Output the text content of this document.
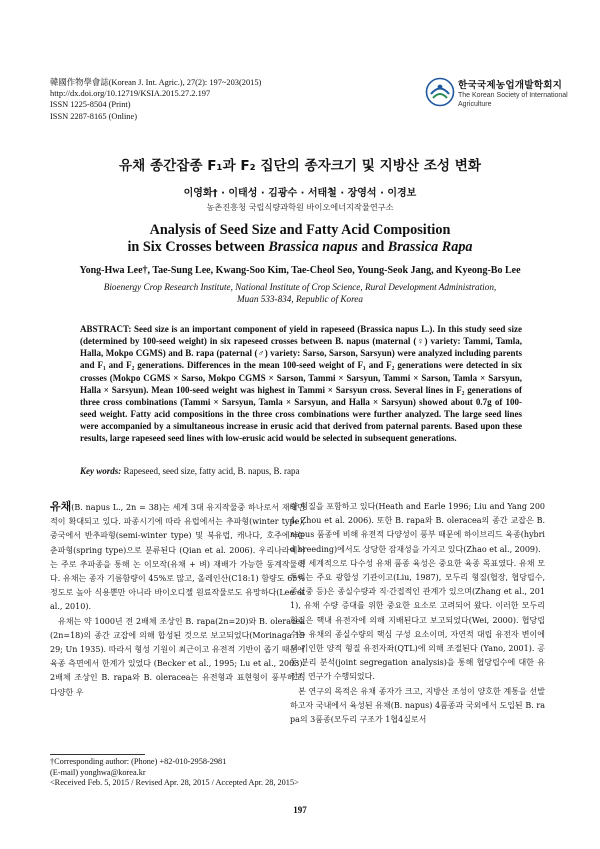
韓國作物學會誌(Korean J. Int. Agric.), 27(2): 197~203(2015)
http://dx.doi.org/10.12719/KSIA.2015.27.2.197
ISSN 1225-8504 (Print)
ISSN 2287-8165 (Online)
한국국제농업개발학회지
The Korean Society of International Agriculture
유채 종간잡종 F₁과 F₂ 집단의 종자크기 및 지방산 조성 변화
이영화† · 이태성 · 김광수 · 서태철 · 장영석 · 이경보
농촌진흥청 국립식량과학원 바이오에너지작물연구소
Analysis of Seed Size and Fatty Acid Composition
in Six Crosses between Brassica napus and Brassica Rapa
Yong-Hwa Lee†, Tae-Sung Lee, Kwang-Soo Kim, Tae-Cheol Seo, Young-Seok Jang, and Kyeong-Bo Lee
Bioenergy Crop Research Institute, National Institute of Crop Science, Rural Development Administration,
Muan 533-834, Republic of Korea

ABSTRACT: Seed size is an important component of yield in rapeseed (Brassica napus L.). In this study seed size (determined by 100-seed weight) in six rapeseed crosses between B. napus (maternal (♀) variety: Tammi, Tamla, Halla, Mokpo CGMS) and B. rapa (paternal (♂) variety: Sarso, Sarson, Sarsyun) were analyzed including parents and F₁ and F₂ generations. Differences in the mean 100-seed weight of F₁ and F₂ generations were detected in six crosses (Mokpo CGMS × Sarso, Mokpo CGMS × Sarson, Tammi × Sarsyun, Tammi × Sarson, Tamla × Sarsyun, Halla × Sarsyun). Mean 100-seed weight was highest in Tammi × Sarsyun cross. Several lines in F₂ generations of three cross combinations (Tammi × Sarsyun, Tamla × Sarsyun, and Halla × Sarsyun) showed about 0.7g of 100-seed weight. Fatty acid compositions in the three cross combinations were further analyzed. The large seed lines were accompanied by a simultaneous increase in erusic acid that derived from paternal parents. Based upon these results, large rapeseed seed lines with low-erusic acid would be selected in subsequent generations.

Key words: Rapeseed, seed size, fatty acid, B. napus, B. rapa

유채(B. napus L., 2n = 38)는 세계 3대 유지작물중 하나로서 재배면적이 확대되고 있다. 파종시기에 따라 유럽에서는 추파형(winter type), 중국에서 반추파형(semi-winter type) 및 북유럽, 캐나다, 호주에서는 춘파형(spring type)으로 분류된다 (Qian et al. 2006). 우리나라에서는 주로 추파종을 통해 논 이모작(유채 + 벼) 재배가 가능한 동계작물이다. 유채는 종자 기름함량이 45%로 많고, 올레인산(C18:1) 함량도 65% 정도로 높아 식용뿐만 아니라 바이오디젤 원료작물로도 유망하다(Lee et al., 2010).

유채는 약 1000년 전 2배체 조상인 B. rapa(2n=20)와 B. oleracea(2n=18)의 종간 교잡에 의해 합성된 것으로 보고되었다(Morinaga 1929; Un 1935). 따라서 형성 기원이 최근이고 유전적 기반이 좁기 때문에 육종 측면에서 한계가 있었다 (Becker et al., 1995; Lu et al., 2003). 2배체 조상인 B. rapa와 B. oleracea는 유전형과 표현형이 풍부하고, 다양한 우

량 형질을 포함하고 있다(Heath and Earle 1996; Liu and Yang 2004; Zhou et al. 2006). 또한 B. rapa와 B. oleracea의 종간 교잡은 B. napus 품종에 비해 유전적 다양성이 풍부 때문에 하이브리드 육종(hybrid breeding)에서도 상당한 잠재성을 가지고 있다(Zhao et al., 2009).

전 세계적으로 다수성 유채 품종 육성은 중요한 육종 목표였다. 유채 모두리는 주요 광합성 기관이고(Liu, 1987), 모두리 형질(협장, 협당립수, 종실중 등)은 종실수량과 직·간접적인 관계가 있으며(Zhang et al., 2011), 유채 수량 증대를 위한 중요한 요소로 고려되어 왔다. 이러한 모두리 형질은 핵내 유전자에 의해 지배된다고 보고되었다(Wei, 2000). 협당립수는 유채의 종실수량의 핵심 구성 요소이며, 자연적 대립 유전자 변이에서 기인한 양적 형질 유전자좌(QTL)에 의해 조절된다 (Yano, 2001). 공동 분리 분석(joint segregation analysis)을 통해 협당립수에 대한 유전적 연구가 수행되었다.

본 연구의 목적은 유채 종자가 크고, 지방산 조성이 양호한 계통을 선발하고자 국내에서 육성된 유채(B. napus) 4품종과 국외에서 도입된 B. rapa의 3품종(모두리 구조가 1협4실로서

†Corresponding author: (Phone) +82-010-2958-2981
(E-mail) yonghwa@korea.kr
<Received Feb. 5, 2015 / Revised Apr. 28, 2015 / Accepted Apr. 28, 2015>
197
